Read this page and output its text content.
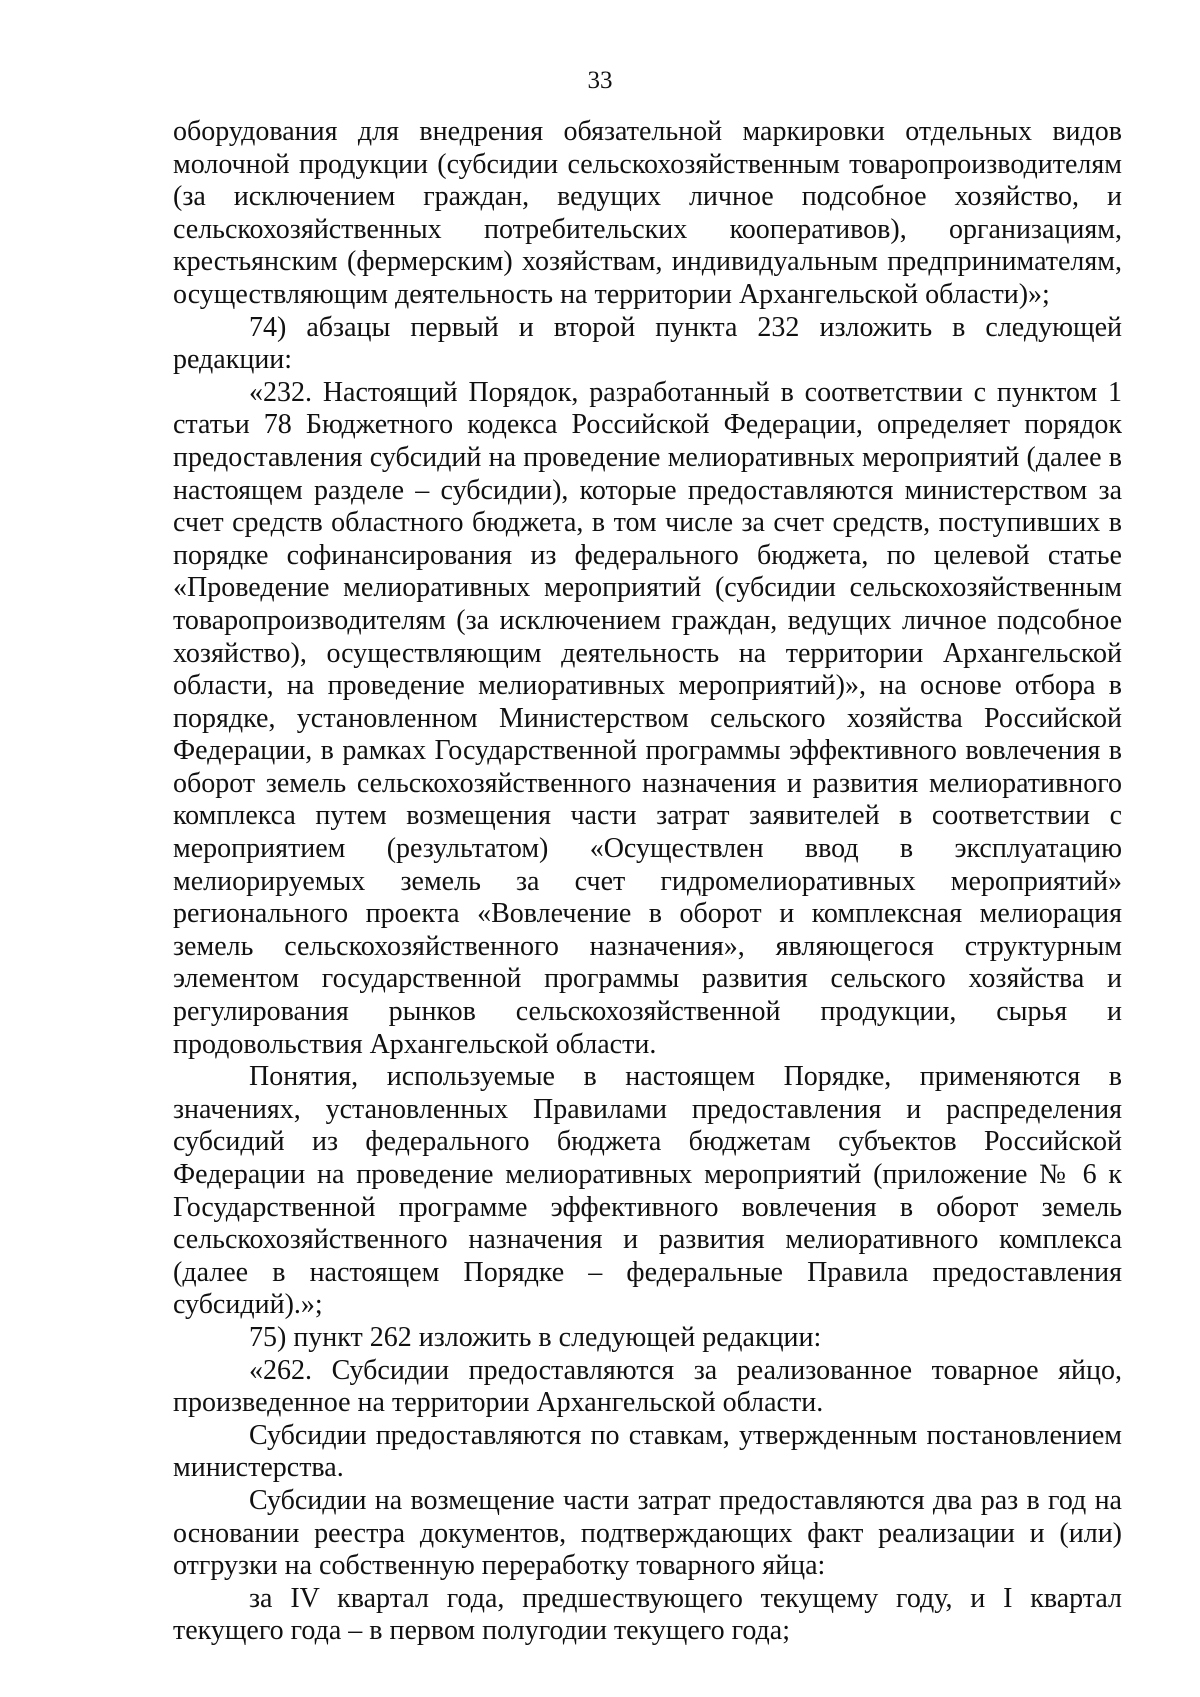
33

оборудования для внедрения обязательной маркировки отдельных видов молочной продукции (субсидии сельскохозяйственным товаропроизводителям (за исключением граждан, ведущих личное подсобное хозяйство, и сельскохозяйственных потребительских кооперативов), организациям, крестьянским (фермерским) хозяйствам, индивидуальным предпринимателям, осуществляющим деятельность на территории Архангельской области)»;

74) абзацы первый и второй пункта 232 изложить в следующей редакции:

«232. Настоящий Порядок, разработанный в соответствии с пунктом 1 статьи 78 Бюджетного кодекса Российской Федерации, определяет порядок предоставления субсидий на проведение мелиоративных мероприятий (далее в настоящем разделе – субсидии), которые предоставляются министерством за счет средств областного бюджета, в том числе за счет средств, поступивших в порядке софинансирования из федерального бюджета, по целевой статье «Проведение мелиоративных мероприятий (субсидии сельскохозяйственным товаропроизводителям (за исключением граждан, ведущих личное подсобное хозяйство), осуществляющим деятельность на территории Архангельской области, на проведение мелиоративных мероприятий)», на основе отбора в порядке, установленном Министерством сельского хозяйства Российской Федерации, в рамках Государственной программы эффективного вовлечения в оборот земель сельскохозяйственного назначения и развития мелиоративного комплекса путем возмещения части затрат заявителей в соответствии с мероприятием (результатом) «Осуществлен ввод в эксплуатацию мелиорируемых земель за счет гидромелиоративных мероприятий» регионального проекта «Вовлечение в оборот и комплексная мелиорация земель сельскохозяйственного назначения», являющегося структурным элементом государственной программы развития сельского хозяйства и регулирования рынков сельскохозяйственной продукции, сырья и продовольствия Архангельской области.

Понятия, используемые в настоящем Порядке, применяются в значениях, установленных Правилами предоставления и распределения субсидий из федерального бюджета бюджетам субъектов Российской Федерации на проведение мелиоративных мероприятий (приложение № 6 к Государственной программе эффективного вовлечения в оборот земель сельскохозяйственного назначения и развития мелиоративного комплекса (далее в настоящем Порядке – федеральные Правила предоставления субсидий).»;

75) пункт 262 изложить в следующей редакции:

«262. Субсидии предоставляются за реализованное товарное яйцо, произведенное на территории Архангельской области.

Субсидии предоставляются по ставкам, утвержденным постановлением министерства.

Субсидии на возмещение части затрат предоставляются два раз в год на основании реестра документов, подтверждающих факт реализации и (или) отгрузки на собственную переработку товарного яйца:

за IV квартал года, предшествующего текущему году, и I квартал текущего года – в первом полугодии текущего года;
